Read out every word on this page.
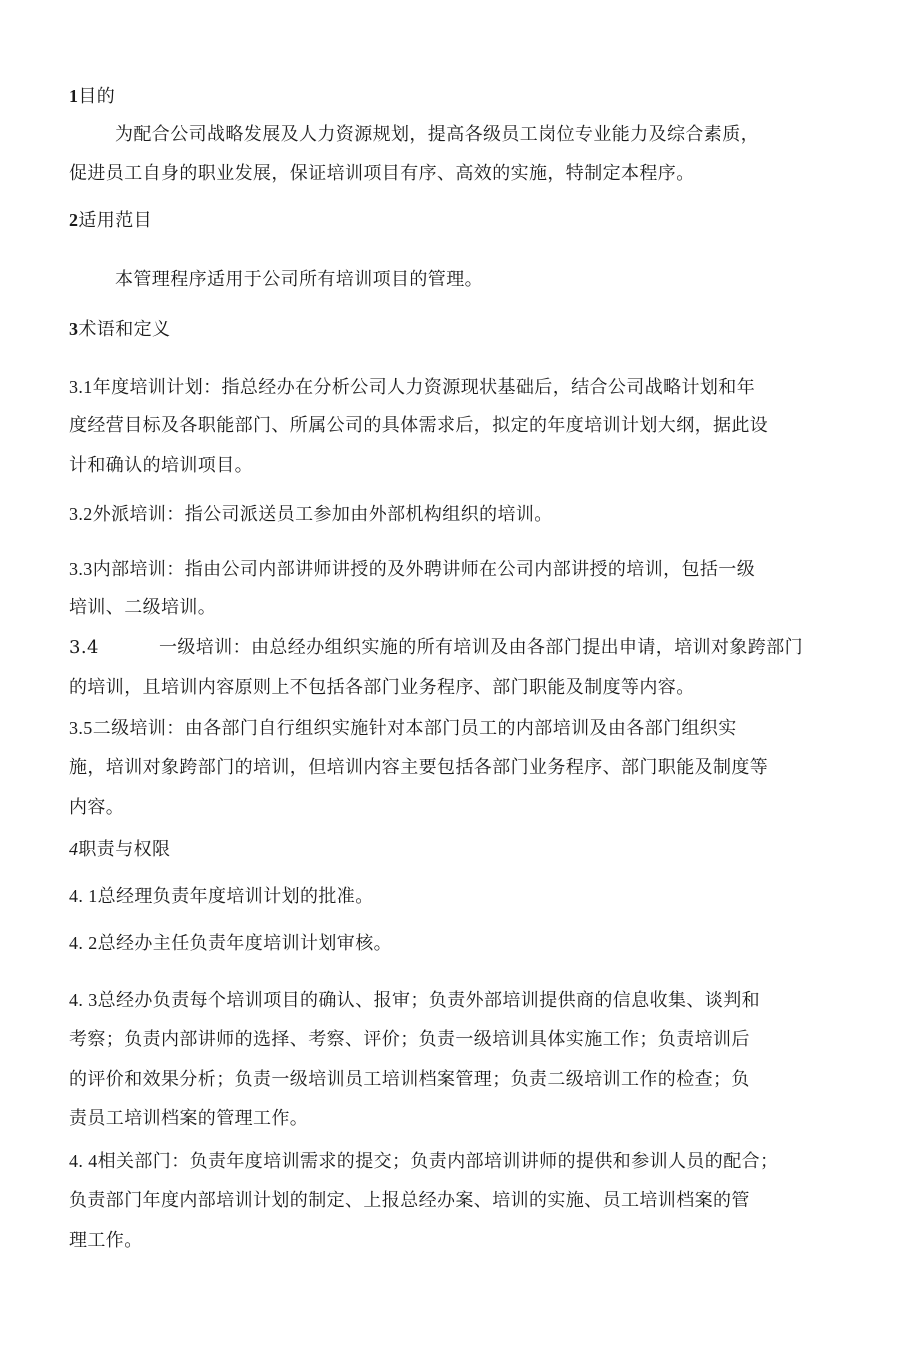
1目的
为配合公司战略发展及人力资源规划，提高各级员工岗位专业能力及综合素质，
促进员工自身的职业发展，保证培训项目有序、高效的实施，特制定本程序。
2适用范目
本管理程序适用于公司所有培训项目的管理。
3术语和定义
3.1年度培训计划：指总经办在分析公司人力资源现状基础后，结合公司战略计划和年
度经营目标及各职能部门、所属公司的具体需求后，拟定的年度培训计划大纲，据此设
计和确认的培训项目。
3.2外派培训：指公司派送员工参加由外部机构组织的培训。
3.3内部培训：指由公司内部讲师讲授的及外聘讲师在公司内部讲授的培训，包括一级
培训、二级培训。
3.4	一级培训：由总经办组织实施的所有培训及由各部门提出申请，培训对象跨部门
的培训，且培训内容原则上不包括各部门业务程序、部门职能及制度等内容。
3.5二级培训：由各部门自行组织实施针对本部门员工的内部培训及由各部门组织实
施，培训对象跨部门的培训，但培训内容主要包括各部门业务程序、部门职能及制度等
内容。
4职责与权限
4. 1总经理负责年度培训计划的批准。
4. 2总经办主任负责年度培训计划审核。
4. 3总经办负责每个培训项目的确认、报审；负责外部培训提供商的信息收集、谈判和
考察；负责内部讲师的选择、考察、评价；负责一级培训具体实施工作；负责培训后
的评价和效果分析；负责一级培训员工培训档案管理；负责二级培训工作的检查；负
责员工培训档案的管理工作。
4. 4相关部门：负责年度培训需求的提交；负责内部培训讲师的提供和参训人员的配合；
负责部门年度内部培训计划的制定、上报总经办案、培训的实施、员工培训档案的管
理工作。
